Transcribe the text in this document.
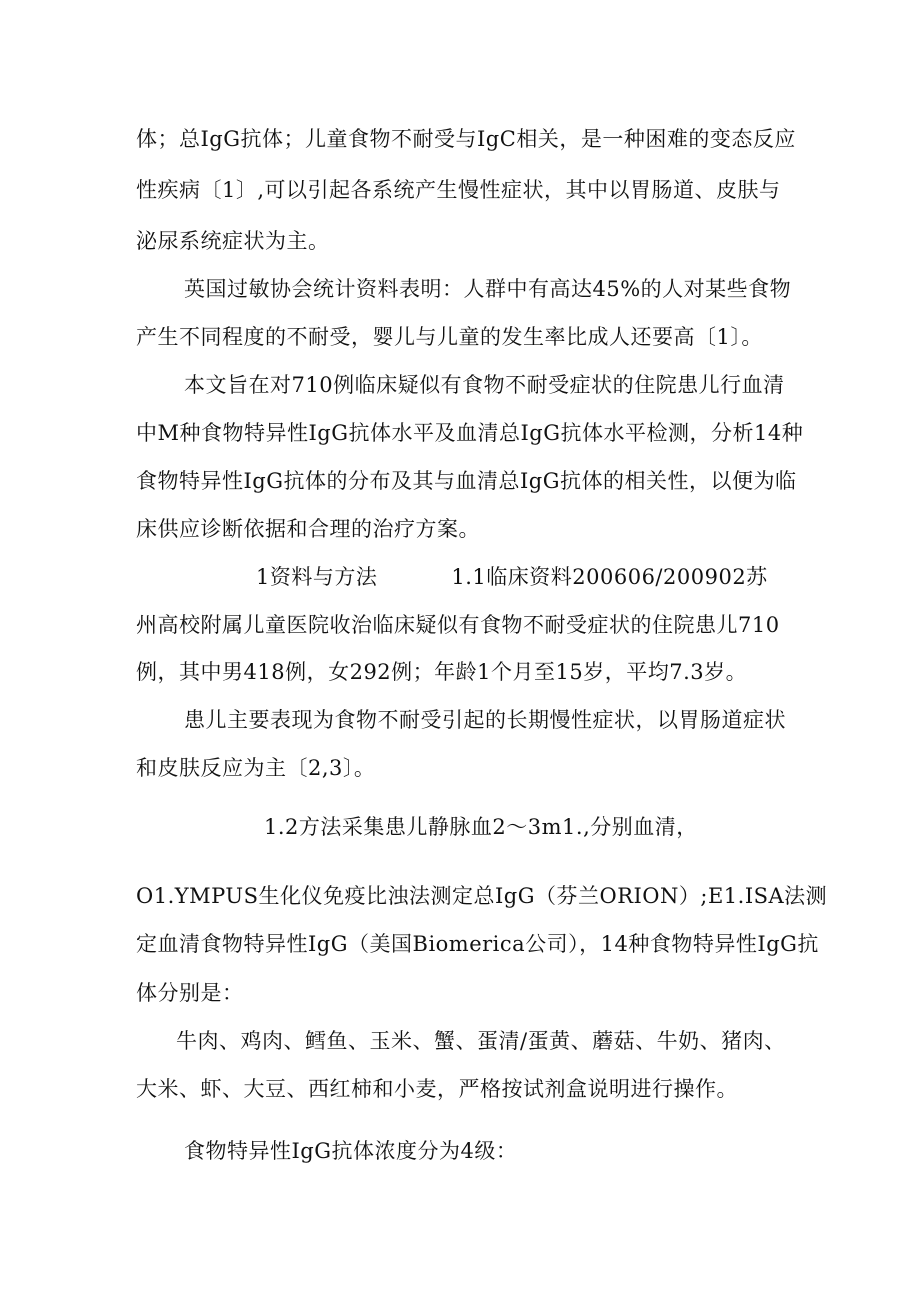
体；总IgG抗体；儿童食物不耐受与IgC相关，是一种困难的变态反应
性疾病〔1〕,可以引起各系统产生慢性症状，其中以胃肠道、皮肤与
泌尿系统症状为主。
英国过敏协会统计资料表明：人群中有高达45%的人对某些食物
产生不同程度的不耐受，婴儿与儿童的发生率比成人还要高〔1〕。
本文旨在对710例临床疑似有食物不耐受症状的住院患儿行血清
中M种食物特异性IgG抗体水平及血清总IgG抗体水平检测，分析14种
食物特异性IgG抗体的分布及其与血清总IgG抗体的相关性，以便为临
床供应诊断依据和合理的治疗方案。
1资料与方法	1.1临床资料200606/200902苏
州高校附属儿童医院收治临床疑似有食物不耐受症状的住院患儿710
例，其中男418例，女292例；年龄1个月至15岁，平均7.3岁。
患儿主要表现为食物不耐受引起的长期慢性症状，以胃肠道症状
和皮肤反应为主〔2,3〕。
1.2方法采集患儿静脉血2～3m1.,分别血清，
O1.YMPUS生化仪免疫比浊法测定总IgG（芬兰ORION）;E1.ISA法测
定血清食物特异性IgG（美国Biomerica公司），14种食物特异性IgG抗
体分别是：
牛肉、鸡肉、鳕鱼、玉米、蟹、蛋清/蛋黄、蘑菇、牛奶、猪肉、
大米、虾、大豆、西红柿和小麦，严格按试剂盒说明进行操作。
食物特异性IgG抗体浓度分为4级：
